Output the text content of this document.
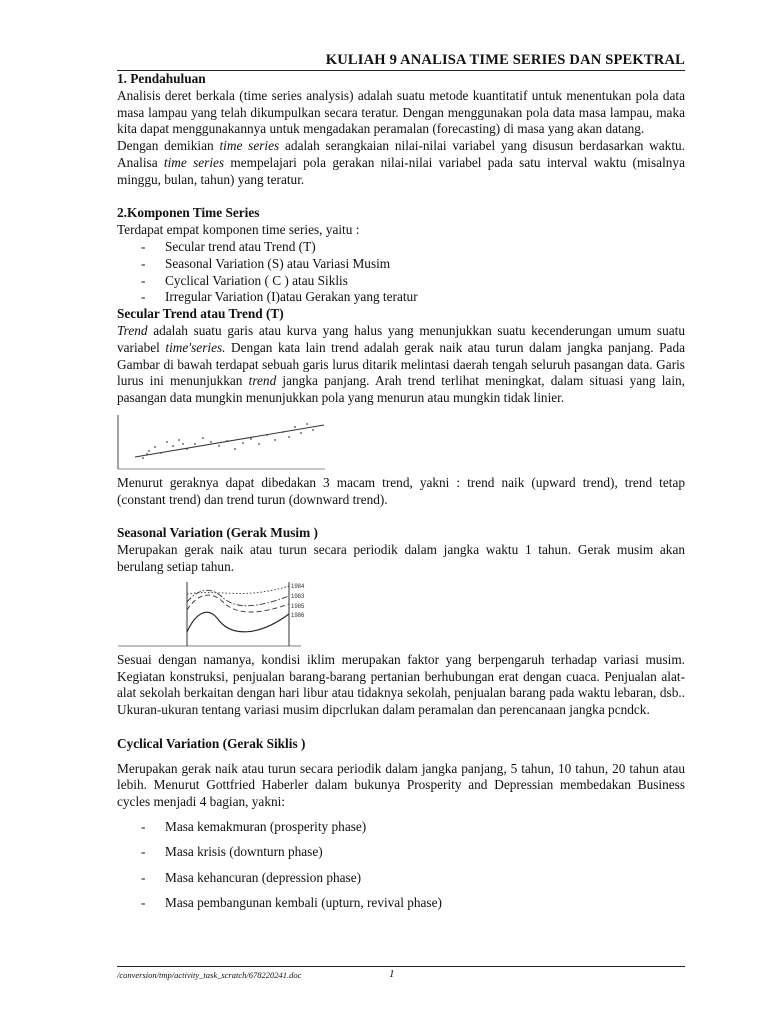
KULIAH 9 ANALISA TIME SERIES DAN SPEKTRAL

1. Pendahuluan

Analisis deret berkala (time series analysis) adalah suatu metode kuantitatif untuk menentukan pola data masa lampau yang telah dikumpulkan secara teratur. Dengan menggunakan pola data masa lampau, maka kita dapat menggunakannya untuk mengadakan peramalan (forecasting) di masa yang akan datang.

Dengan demikian time series adalah serangkaian nilai-nilai variabel yang disusun berdasarkan waktu. Analisa time series mempelajari pola gerakan nilai-nilai variabel pada satu interval waktu (misalnya minggu, bulan, tahun) yang teratur.

2.Komponen Time Series

Terdapat empat komponen time series, yaitu :

- Secular trend atau Trend (T)
- Seasonal Variation (S) atau Variasi Musim
- Cyclical Variation ( C ) atau Siklis
- Irregular Variation (I)atau Gerakan yang teratur

Secular Trend atau Trend (T)

Trend adalah suatu garis atau kurva yang halus yang menunjukkan suatu kecenderungan umum suatu variabel time'series. Dengan kata lain trend adalah gerak naik atau turun dalam jangka panjang. Pada Gambar di bawah terdapat sebuah garis lurus ditarik melintasi daerah tengah seluruh pasangan data. Garis lurus ini menunjukkan trend jangka panjang. Arah trend terlihat meningkat, dalam situasi yang lain, pasangan data mungkin menunjukkan pola yang menurun atau mungkin tidak linier.

Menurut geraknya dapat dibedakan 3 macam trend, yakni : trend naik (upward trend), trend tetap (constant trend) dan trend turun (downward trend).

Seasonal Variation (Gerak Musim )

Merupakan gerak naik atau turun secara periodik dalam jangka waktu 1 tahun. Gerak musim akan berulang setiap tahun.

1984
1983
1985
1986

Sesuai dengan namanya, kondisi iklim merupakan faktor yang berpengaruh terhadap variasi musim. Kegiatan konstruksi, penjualan barang-barang pertanian berhubungan erat dengan cuaca. Penjualan alat-alat sekolah berkaitan dengan hari libur atau tidaknya sekolah, penjualan barang pada waktu lebaran, dsb.. Ukuran-ukuran tentang variasi musim dipcrlukan dalam peramalan dan perencanaan jangka pcndck.

Cyclical Variation (Gerak Siklis )

Merupakan gerak naik atau turun secara periodik dalam jangka panjang, 5 tahun, 10 tahun, 20 tahun atau lebih. Menurut Gottfried Haberler dalam bukunya Prosperity and Depressian membedakan Business cycles menjadi 4 bagian, yakni:

- Masa kemakmuran (prosperity phase)
- Masa krisis (downturn phase)
- Masa kehancuran (depression phase)
- Masa pembangunan kembali (upturn, revival phase)
/conversion/tmp/activity_task_scratch/678220241.doc	1
